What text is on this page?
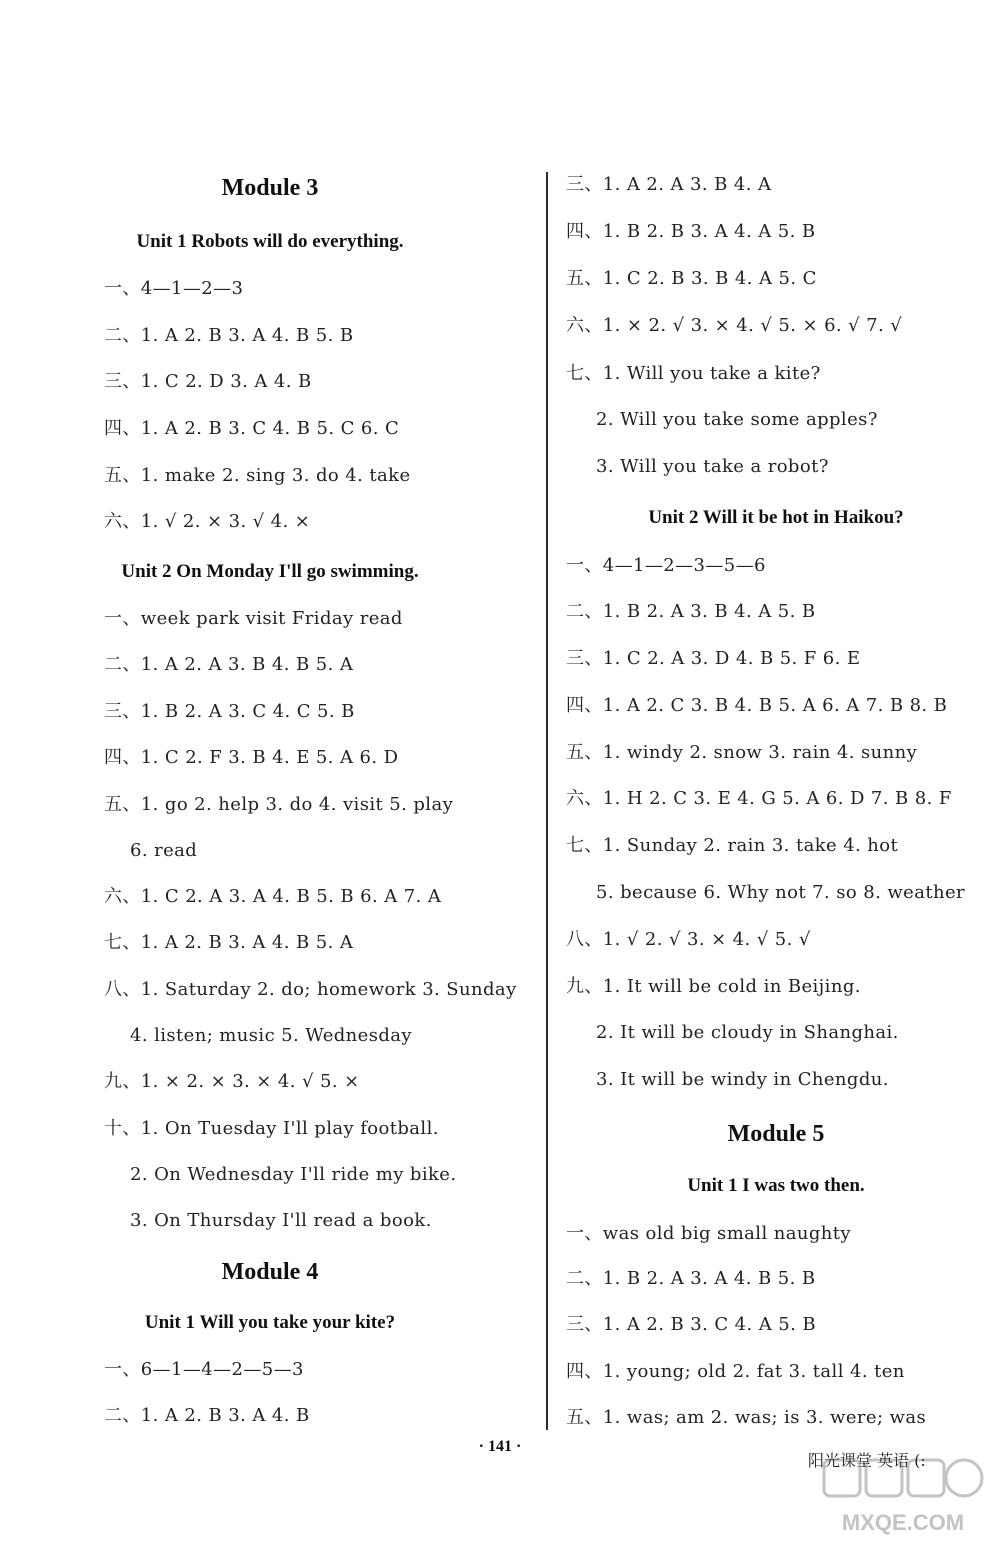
Module 3
Unit 1 Robots will do everything.
一、4—1—2—3
二、1. A 2. B 3. A 4. B 5. B
三、1. C 2. D 3. A 4. B
四、1. A 2. B 3. C 4. B 5. C 6. C
五、1. make 2. sing 3. do 4. take
六、1. √ 2. × 3. √ 4. ×
Unit 2 On Monday I'll go swimming.
一、week park visit Friday read
二、1. A 2. A 3. B 4. B 5. A
三、1. B 2. A 3. C 4. C 5. B
四、1. C 2. F 3. B 4. E 5. A 6. D
五、1. go 2. help 3. do 4. visit 5. play
6. read
六、1. C 2. A 3. A 4. B 5. B 6. A 7. A
七、1. A 2. B 3. A 4. B 5. A
八、1. Saturday 2. do; homework 3. Sunday
4. listen; music 5. Wednesday
九、1. × 2. × 3. × 4. √ 5. ×
十、1. On Tuesday I'll play football.
2. On Wednesday I'll ride my bike.
3. On Thursday I'll read a book.
Module 4
Unit 1 Will you take your kite?
一、6—1—4—2—5—3
二、1. A 2. B 3. A 4. B
三、1. A 2. A 3. B 4. A
四、1. B 2. B 3. A 4. A 5. B
五、1. C 2. B 3. B 4. A 5. C
六、1. × 2. √ 3. × 4. √ 5. × 6. √ 7. √
七、1. Will you take a kite?
2. Will you take some apples?
3. Will you take a robot?
Unit 2 Will it be hot in Haikou?
一、4—1—2—3—5—6
二、1. B 2. A 3. B 4. A 5. B
三、1. C 2. A 3. D 4. B 5. F 6. E
四、1. A 2. C 3. B 4. B 5. A 6. A 7. B 8. B
五、1. windy 2. snow 3. rain 4. sunny
六、1. H 2. C 3. E 4. G 5. A 6. D 7. B 8. F
七、1. Sunday 2. rain 3. take 4. hot
5. because 6. Why not 7. so 8. weather
八、1. √ 2. √ 3. × 4. √ 5. √
九、1. It will be cold in Beijing.
2. It will be cloudy in Shanghai.
3. It will be windy in Chengdu.
Module 5
Unit 1 I was two then.
一、was old big small naughty
二、1. B 2. A 3. A 4. B 5. B
三、1. A 2. B 3. C 4. A 5. B
四、1. young; old 2. fat 3. tall 4. ten
五、1. was; am 2. was; is 3. were; was
· 141 ·
阳光课堂 英语 (:
MXQE.COM
